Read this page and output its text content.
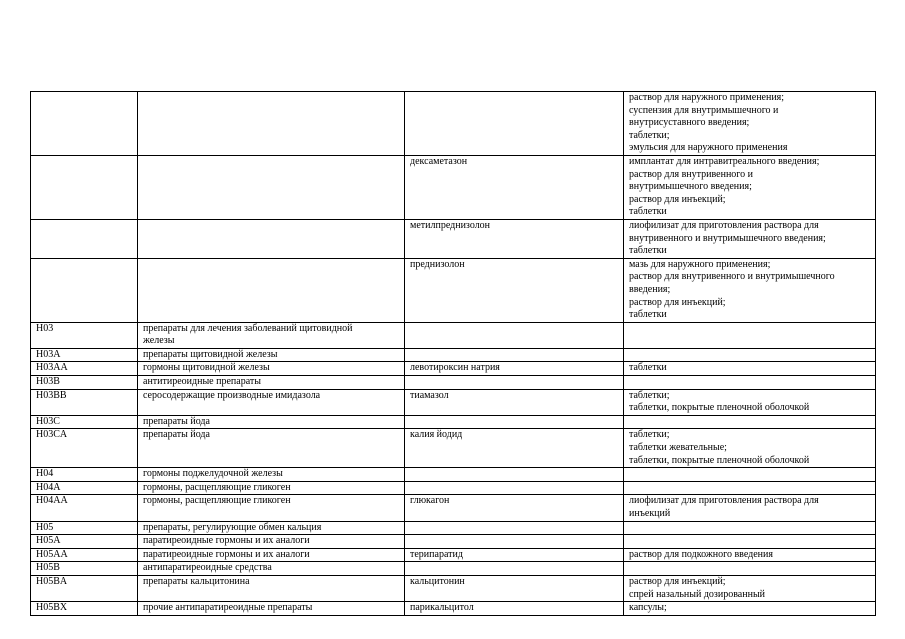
			раствор для наружного применения;
суспензия для внутримышечного и
внутрисуставного введения;
таблетки;
эмульсия для наружного применения
		дексаметазон	имплантат для интравитреального введения;
раствор для внутривенного и
внутримышечного введения;
раствор для инъекций;
таблетки
		метилпреднизолон	лиофилизат для приготовления раствора для
внутривенного и внутримышечного введения;
таблетки
		преднизолон	мазь для наружного применения;
раствор для внутривенного и внутримышечного
введения;
раствор для инъекций;
таблетки
H03	препараты для лечения заболеваний щитовидной
железы		
H03A	препараты щитовидной железы		
H03AA	гормоны щитовидной железы	левотироксин натрия	таблетки
H03B	антитиреоидные препараты		
H03BB	серосодержащие производные имидазола	тиамазол	таблетки;
таблетки, покрытые пленочной оболочкой
H03C	препараты йода		
H03CA	препараты йода	калия йодид	таблетки;
таблетки жевательные;
таблетки, покрытые пленочной оболочкой
H04	гормоны поджелудочной железы		
H04A	гормоны, расщепляющие гликоген		
H04AA	гормоны, расщепляющие гликоген	глюкагон	лиофилизат для приготовления раствора для
инъекций
H05	препараты, регулирующие обмен кальция		
H05A	паратиреоидные гормоны и их аналоги		
H05AA	паратиреоидные гормоны и их аналоги	терипаратид	раствор для подкожного введения
H05B	антипаратиреоидные средства		
H05BA	препараты кальцитонина	кальцитонин	раствор для инъекций;
спрей назальный дозированный
H05BX	прочие антипаратиреоидные препараты	парикальцитол	капсулы;
